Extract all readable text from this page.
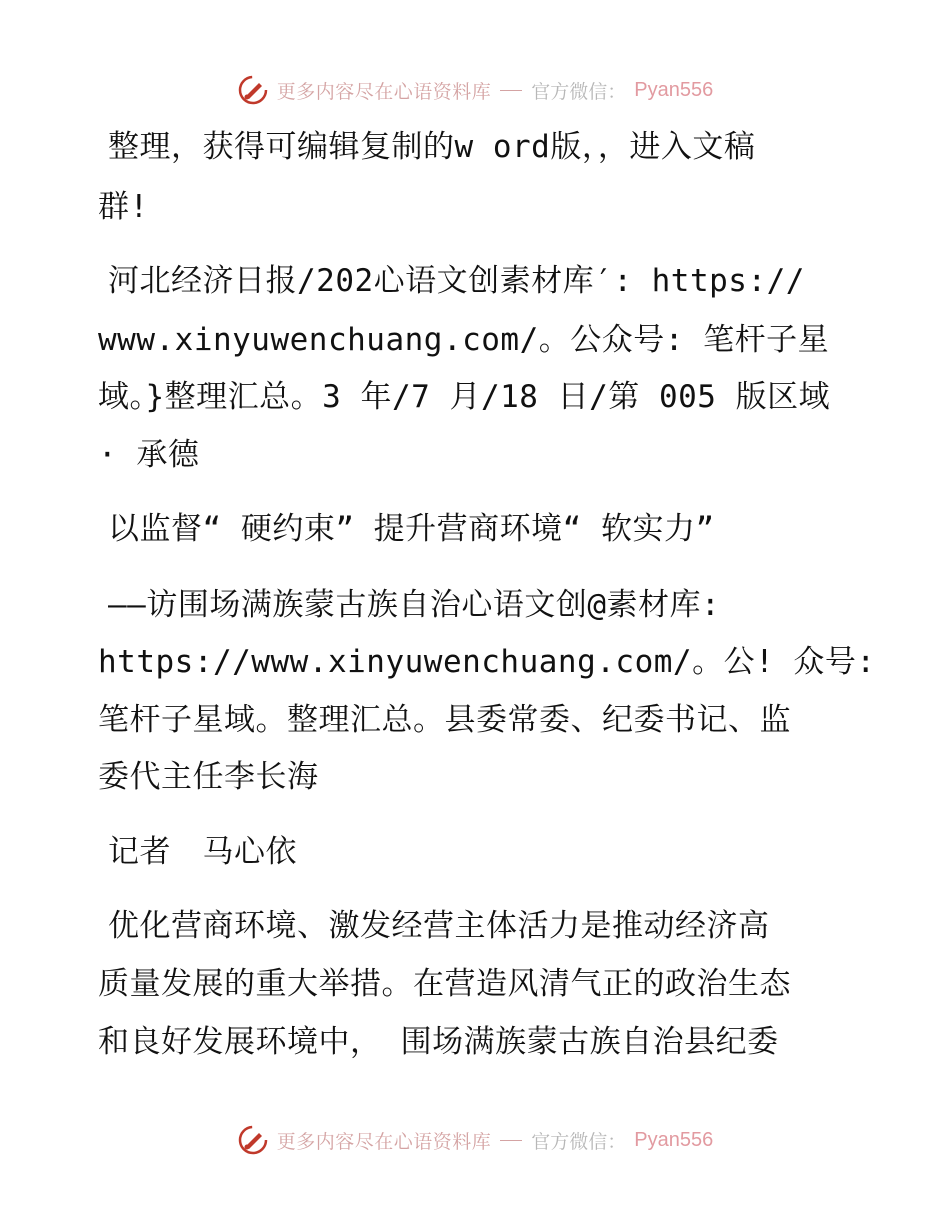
更多内容尽在心语资料库 官方微信： Pyan556
整理，获得可编辑复制的w ord版，，进入文稿
群!
河北经济日报/202心语文创素材库′: https://
www.xinyuwenchuang.com/。公众号: 笔杆子星
域。}整理汇总。3 年/7 月/18 日/第 005 版区域
· 承德
以监督“ 硬约束” 提升营商环境“ 软实力”
——访围场满族蒙古族自治心语文创@素材库:
https://www.xinyuwenchuang.com/。公! 众号:
笔杆子星域。整理汇总。县委常委、纪委书记、监
委代主任李长海
记者　马心依
优化营商环境、激发经营主体活力是推动经济高
质量发展的重大举措。在营造风清气正的政治生态
和良好发展环境中， 围场满族蒙古族自治县纪委
更多内容尽在心语资料库 官方微信： Pyan556
